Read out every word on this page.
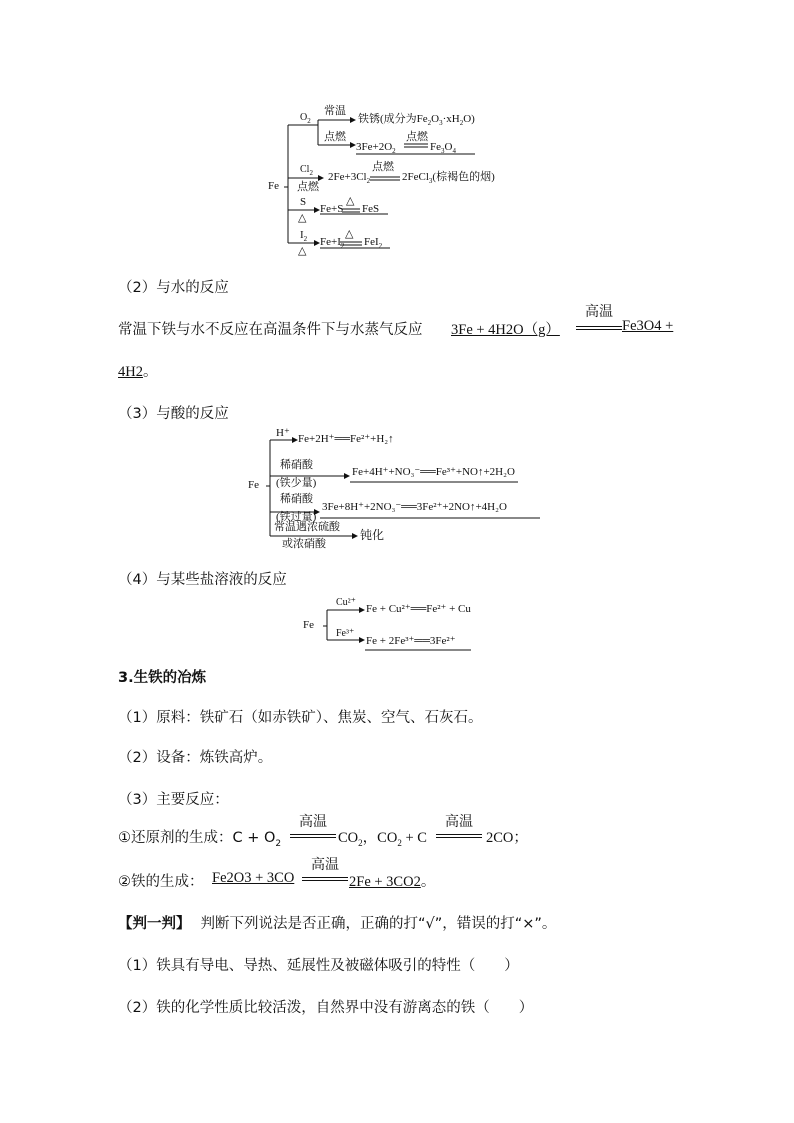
Fe
$O_2$
常温
铁锈(成分为$Fe_2O_3\cdot xH_2O$)
点燃	点燃
$3Fe+2O_2$	$Fe_3O_4$
$Cl_2$
点燃
$2Fe+3Cl_2$
点燃
2FeCl$_3$(棕褐色的烟)
S
△
Fe+S
△
FeS
$I_2$
△
$Fe+I_2$
△
FeI$_2$
（2）与水的反应
常温下铁与水不反应在高温条件下与水蒸气反应 3Fe + 4H2O（g）
高温
Fe3O4 +
4H2。
（3）与酸的反应
Fe
H⁺ Fe+2H⁺══Fe²⁺+H₂↑
稀硝酸
(铁少量)
Fe+4H⁺+NO₃⁻══Fe³⁺+NO↑+2H₂O
稀硝酸
(铁过量)
3Fe+8H⁺+2NO₃⁻══3Fe²⁺+2NO↑+4H₂O
常温遇浓硫酸
或浓硝酸
钝化
（4）与某些盐溶液的反应
Fe
Cu²⁺
Fe + Cu²⁺══Fe²⁺ + Cu
Fe³⁺
Fe + 2Fe³⁺══3Fe²⁺
3.生铁的冶炼
（1）原料：铁矿石（如赤铁矿）、焦炭、空气、石灰石。
（2）设备：炼铁高炉。
（3）主要反应：
①还原剂的生成：$C + O_2$
高温
$CO_2$，$CO_2 + C$
高温
2CO；
②铁的生成： Fe2O3 + 3CO
高温
2Fe + 3CO2。
【判一判】 判断下列说法是否正确，正确的打“√”，错误的打“×”。
（1）铁具有导电、导热、延展性及被磁体吸引的特性（　　）
（2）铁的化学性质比较活泼，自然界中没有游离态的铁（　　）
